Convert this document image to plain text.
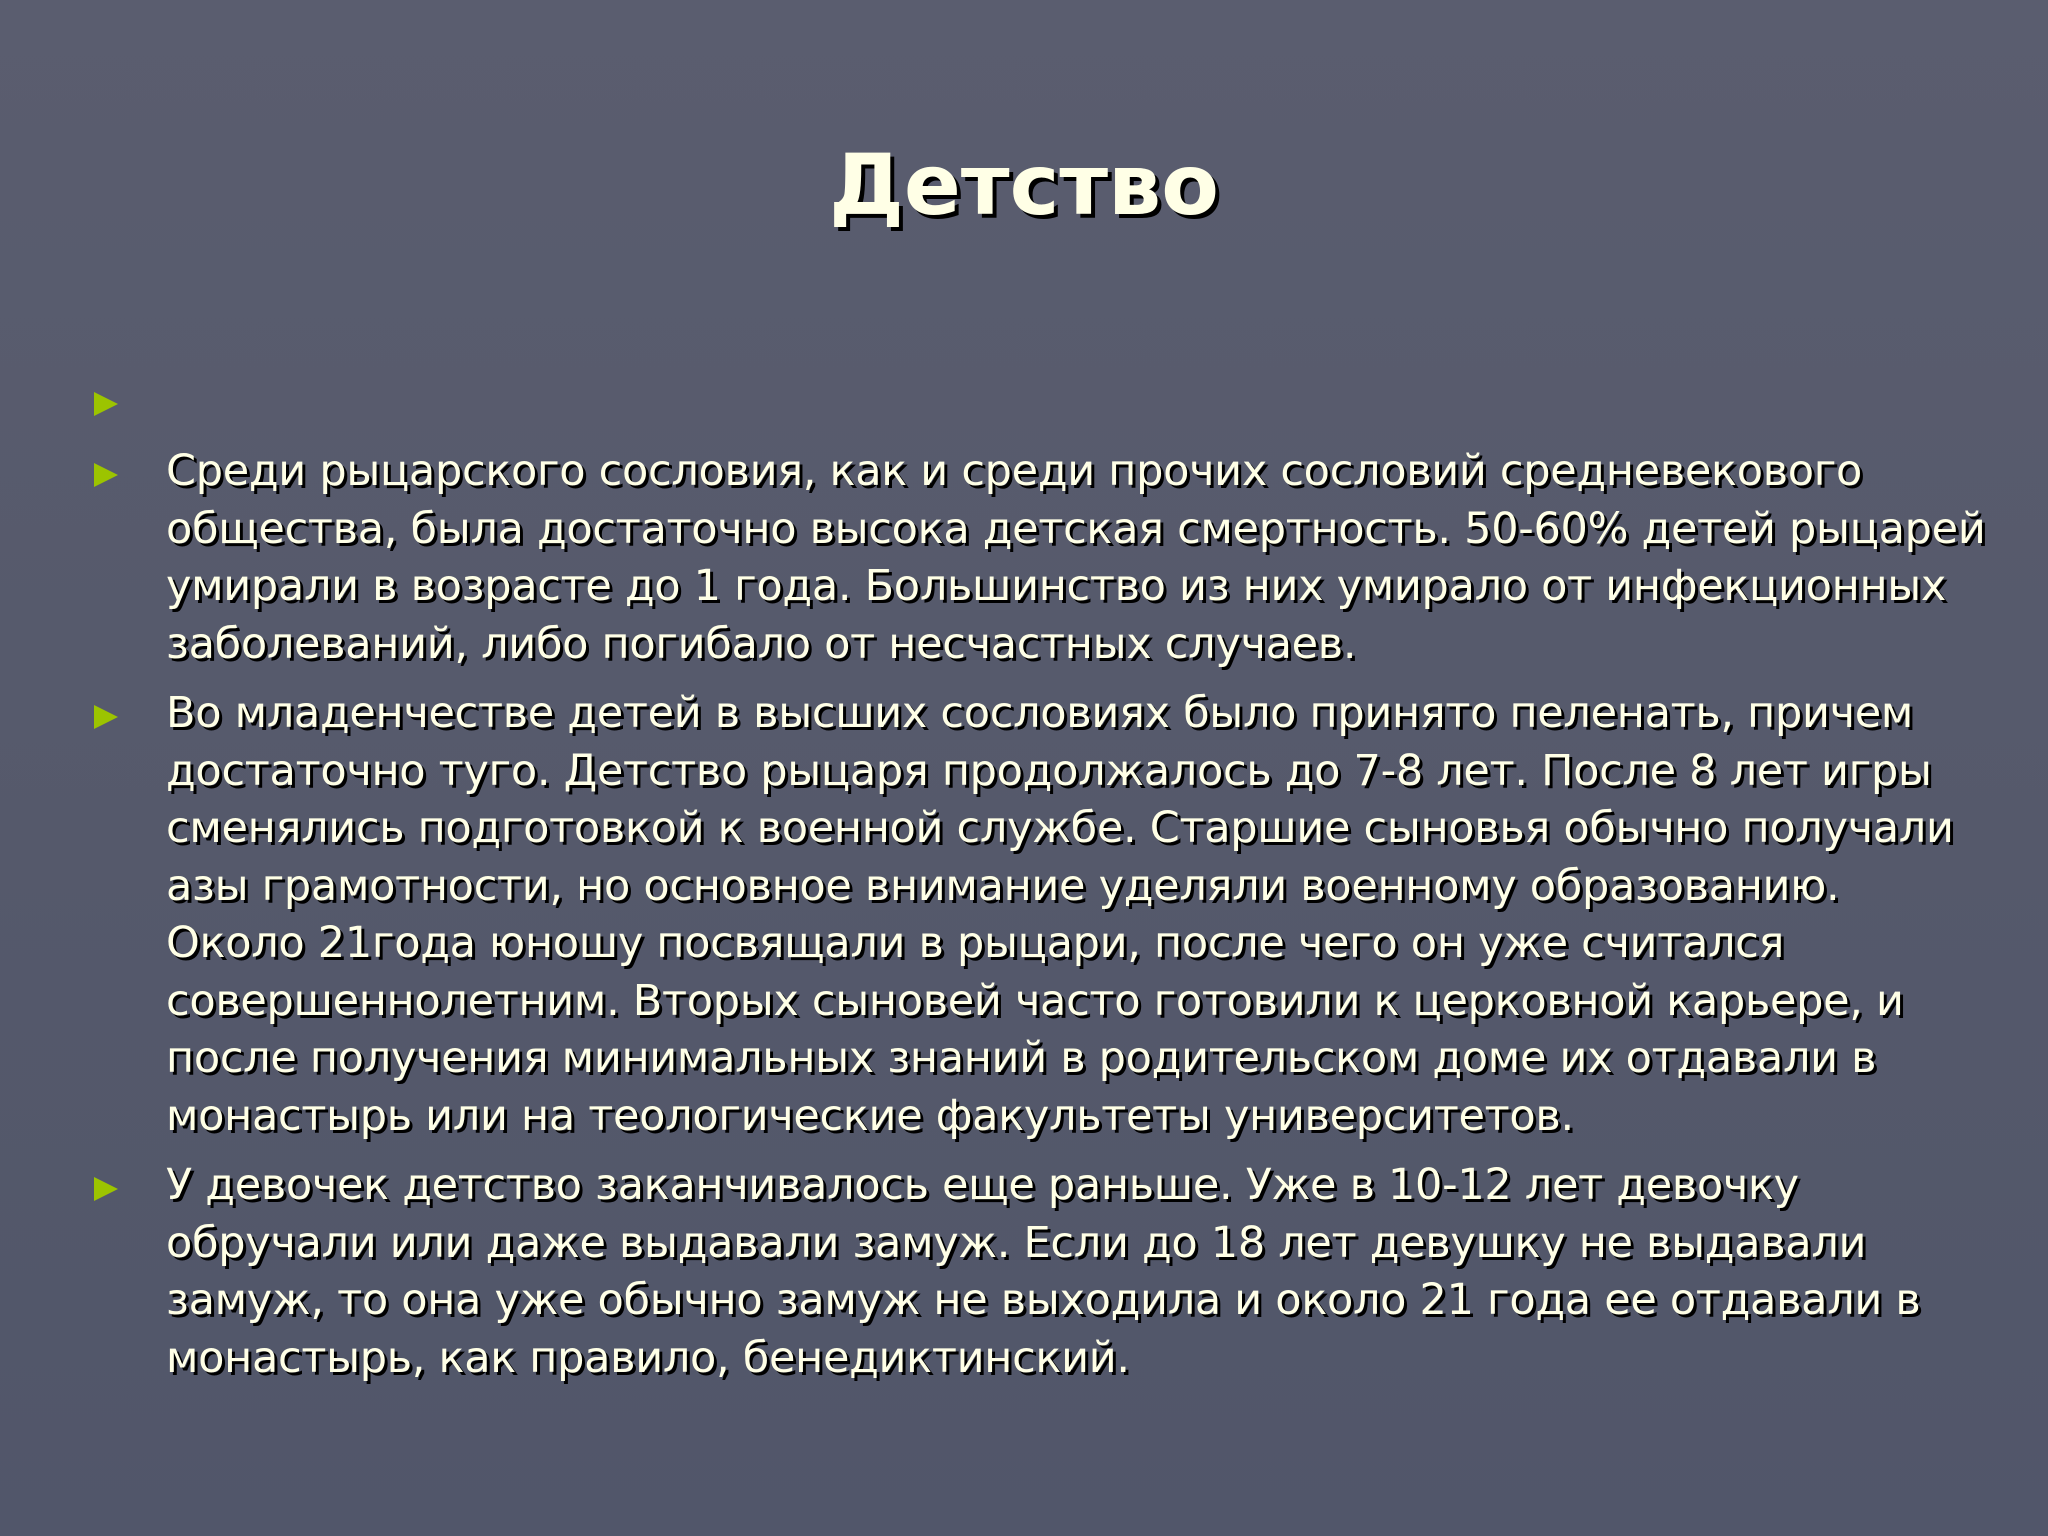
Детство
Среди рыцарского сословия, как и среди прочих сословий средневекового общества, была достаточно высока детская смертность. 50-60% детей рыцарей умирали в возрасте до 1 года. Большинство из них умирало от инфекционных заболеваний, либо погибало от несчастных случаев.
Во младенчестве детей в высших сословиях было принято пеленать, причем достаточно туго. Детство рыцаря продолжалось до 7-8 лет. После 8 лет игры сменялись подготовкой к военной службе. Старшие сыновья обычно получали азы грамотности, но основное внимание уделяли военному образованию. Около 21года юношу посвящали в рыцари, после чего он уже считался совершеннолетним. Вторых сыновей часто готовили к церковной карьере, и после получения минимальных знаний в родительском доме их отдавали в монастырь или на теологические факультеты университетов.
У девочек детство заканчивалось еще раньше. Уже в 10-12 лет девочку обручали или даже выдавали замуж. Если до 18 лет девушку не выдавали замуж, то она уже обычно замуж не выходила и около 21 года ее отдавали в монастырь, как правило, бенедиктинский.
